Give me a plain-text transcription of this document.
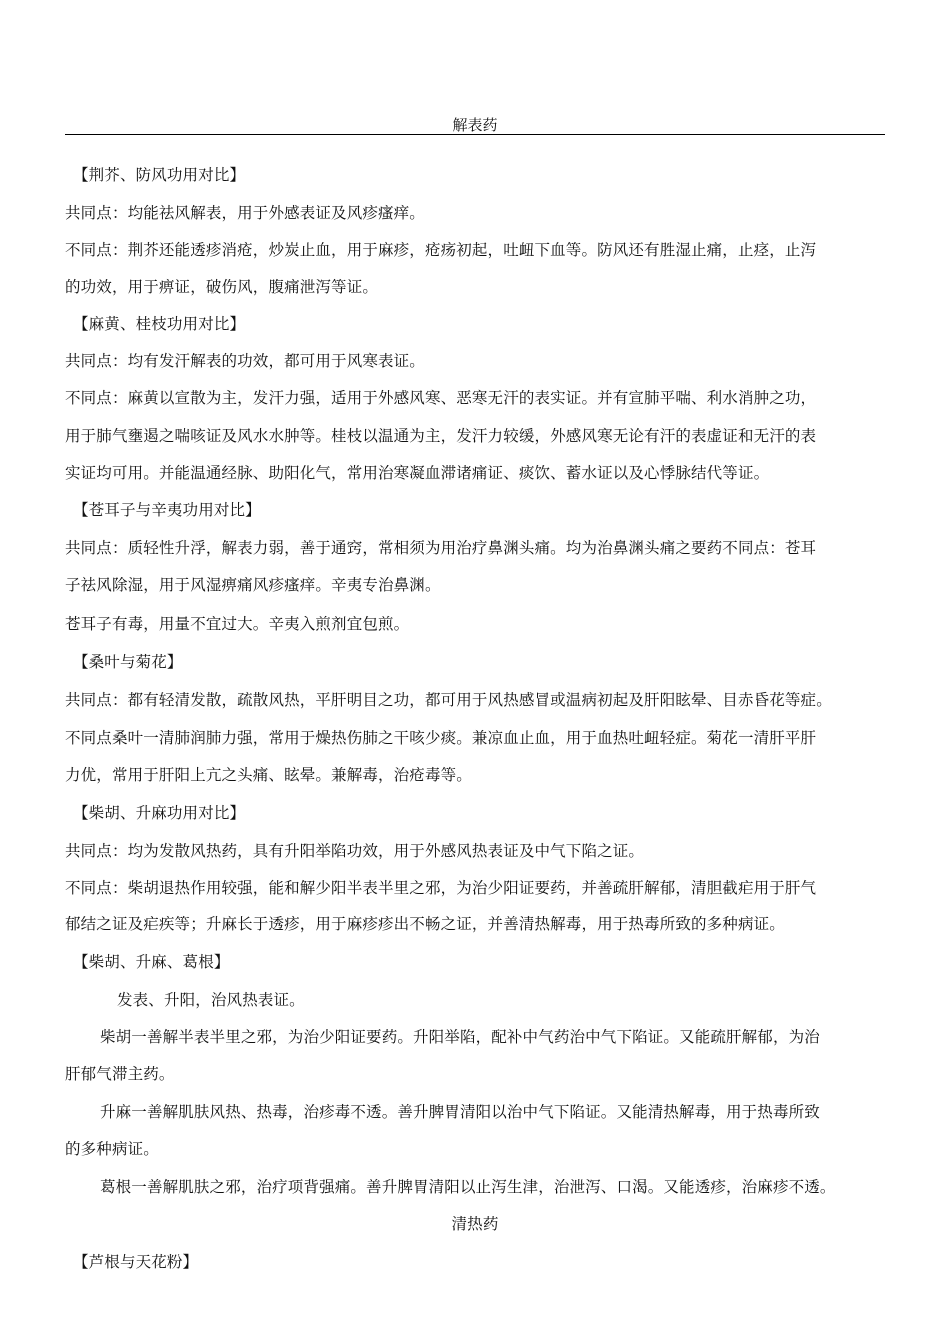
解表药
【荆芥、防风功用对比】
共同点：均能祛风解表，用于外感表证及风疹瘙痒。
不同点：荆芥还能透疹消疮，炒炭止血，用于麻疹，疮疡初起，吐衄下血等。防风还有胜湿止痛，止痉，止泻
的功效，用于痹证，破伤风，腹痛泄泻等证。
【麻黄、桂枝功用对比】
共同点：均有发汗解表的功效，都可用于风寒表证。
不同点：麻黄以宣散为主，发汗力强，适用于外感风寒、恶寒无汗的表实证。并有宣肺平喘、利水消肿之功，
用于肺气壅遏之喘咳证及风水水肿等。桂枝以温通为主，发汗力较缓，外感风寒无论有汗的表虚证和无汗的表
实证均可用。并能温通经脉、助阳化气，常用治寒凝血滞诸痛证、痰饮、蓄水证以及心悸脉结代等证。
【苍耳子与辛夷功用对比】
共同点：质轻性升浮，解表力弱，善于通窍，常相须为用治疗鼻渊头痛。均为治鼻渊头痛之要药不同点：苍耳
子祛风除湿，用于风湿痹痛风疹瘙痒。辛夷专治鼻渊。
苍耳子有毒，用量不宜过大。辛夷入煎剂宜包煎。
【桑叶与菊花】
共同点：都有轻清发散，疏散风热，平肝明目之功，都可用于风热感冒或温病初起及肝阳眩晕、目赤昏花等症。
不同点桑叶一清肺润肺力强，常用于燥热伤肺之干咳少痰。兼凉血止血，用于血热吐衄轻症。菊花一清肝平肝
力优，常用于肝阳上亢之头痛、眩晕。兼解毒，治疮毒等。
【柴胡、升麻功用对比】
共同点：均为发散风热药，具有升阳举陷功效，用于外感风热表证及中气下陷之证。
不同点：柴胡退热作用较强，能和解少阳半表半里之邪，为治少阳证要药，并善疏肝解郁，清胆截疟用于肝气
郁结之证及疟疾等；升麻长于透疹，用于麻疹疹出不畅之证，并善清热解毒，用于热毒所致的多种病证。
【柴胡、升麻、葛根】
发表、升阳，治风热表证。
柴胡一善解半表半里之邪，为治少阳证要药。升阳举陷，配补中气药治中气下陷证。又能疏肝解郁，为治
肝郁气滞主药。
升麻一善解肌肤风热、热毒，治疹毒不透。善升脾胃清阳以治中气下陷证。又能清热解毒，用于热毒所致
的多种病证。
葛根一善解肌肤之邪，治疗项背强痛。善升脾胃清阳以止泻生津，治泄泻、口渴。又能透疹，治麻疹不透。
清热药
【芦根与天花粉】
